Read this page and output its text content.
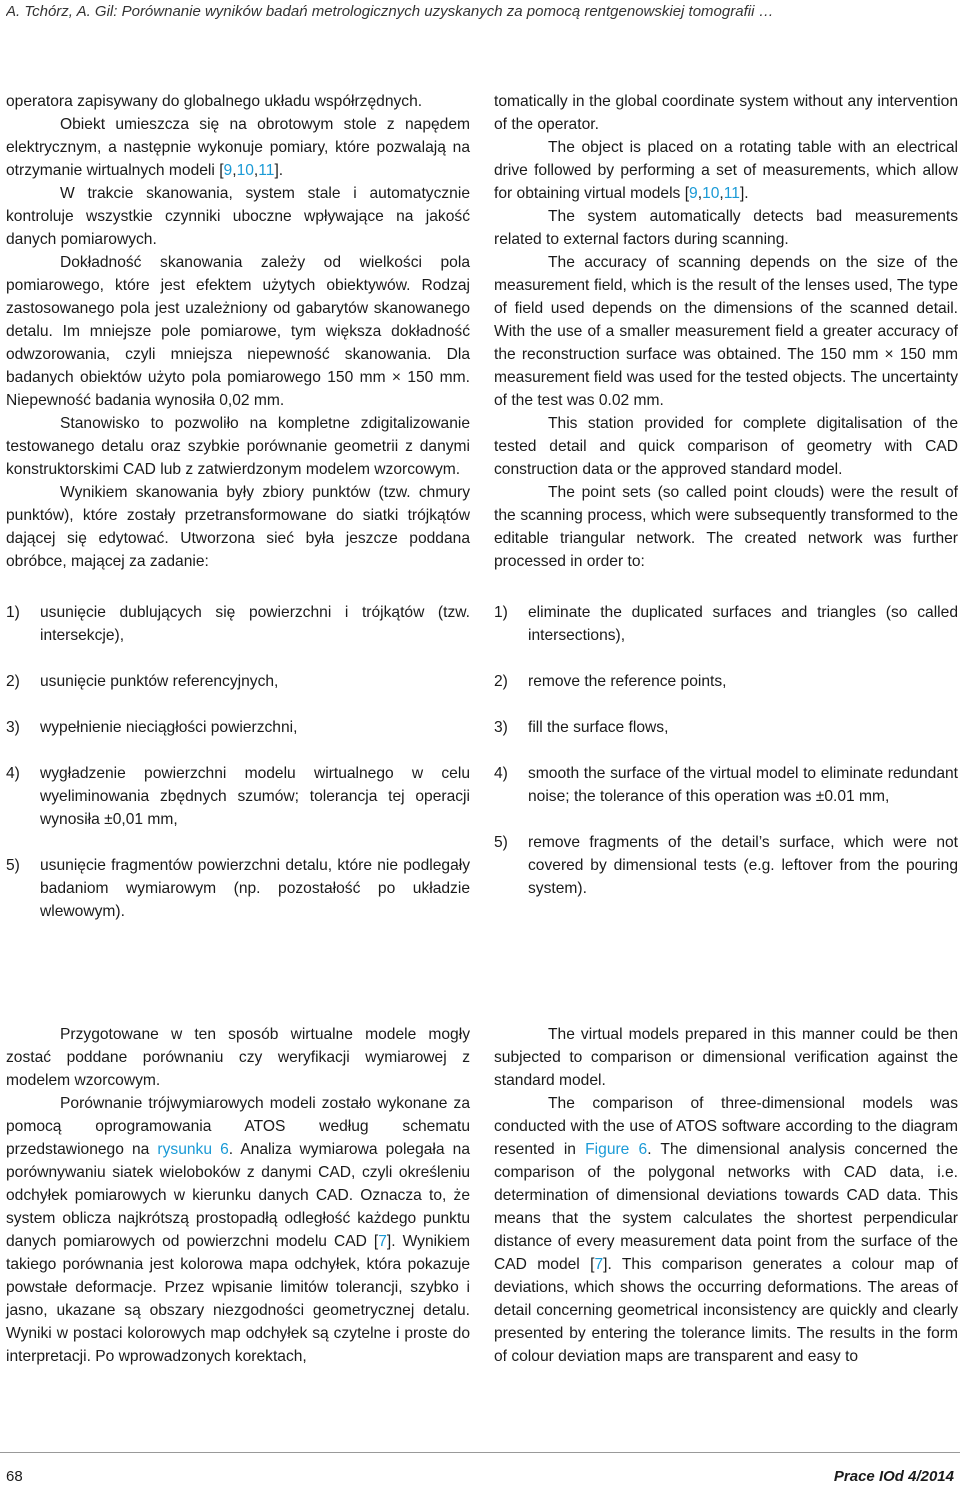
A. Tchórz, A. Gil: Porównanie wyników badań metrologicznych uzyskanych za pomocą rentgenowskiej tomografii …

operatora zapisywany do globalnego układu współrzędnych.

Obiekt umieszcza się na obrotowym stole z napędem elektrycznym, a następnie wykonuje pomiary, które pozwalają na otrzymanie wirtualnych modeli [9,10,11].

W trakcie skanowania, system stale i automatycznie kontroluje wszystkie czynniki uboczne wpływające na jakość danych pomiarowych.

Dokładność skanowania zależy od wielkości pola pomiarowego, które jest efektem użytych obiektywów. Rodzaj zastosowanego pola jest uzależniony od gabarytów skanowanego detalu. Im mniejsze pole pomiarowe, tym większa dokładność odwzorowania, czyli mniejsza niepewność skanowania. Dla badanych obiektów użyto pola pomiarowego 150 mm × 150 mm. Niepewność badania wynosiła 0,02 mm.

Stanowisko to pozwoliło na kompletne zdigitalizowanie testowanego detalu oraz szybkie porównanie geometrii z danymi konstruktorskimi CAD lub z zatwierdzonym modelem wzorcowym.

Wynikiem skanowania były zbiory punktów (tzw. chmury punktów), które zostały przetransformowane do siatki trójkątów dającej się edytować. Utworzona sieć była jeszcze poddana obróbce, mającej za zadanie:

1)	usunięcie dublujących się powierzchni i trójkątów (tzw. intersekcje),
2)	usunięcie punktów referencyjnych,
3)	wypełnienie nieciągłości powierzchni,
4)	wygładzenie powierzchni modelu wirtualnego w celu wyeliminowania zbędnych szumów; tolerancja tej operacji wynosiła ±0,01 mm,
5)	usunięcie fragmentów powierzchni detalu, które nie podlegały badaniom wymiarowym (np. pozostałość po układzie wlewowym).

tomatically in the global coordinate system without any intervention of the operator.

The object is placed on a rotating table with an electrical drive followed by performing a set of measurements, which allow for obtaining virtual models [9,10,11].

The system automatically detects bad measurements related to external factors during scanning.

The accuracy of scanning depends on the size of the measurement field, which is the result of the lenses used, The type of field used depends on the dimensions of the scanned detail. With the use of a smaller measurement field a greater accuracy of the reconstruction surface was obtained. The 150 mm × 150 mm measurement field was used for the tested objects. The uncertainty of the test was 0.02 mm.

This station provided for complete digitalisation of the tested detail and quick comparison of geometry with CAD construction data or the approved standard model.

The point sets (so called point clouds) were the result of the scanning process, which were subsequently transformed to the editable triangular network. The created network was further processed in order to:

1)	eliminate the duplicated surfaces and triangles (so called intersections),
2)	remove the reference points,
3)	fill the surface flows,
4)	smooth the surface of the virtual model to eliminate redundant noise; the tolerance of this operation was ±0.01 mm,
5)	remove fragments of the detail’s surface, which were not covered by dimensional tests (e.g. leftover from the pouring system).

Przygotowane w ten sposób wirtualne modele mogły zostać poddane porównaniu czy weryfikacji wymiarowej z modelem wzorcowym.

Porównanie trójwymiarowych modeli zostało wykonane za pomocą oprogramowania ATOS według schematu przedstawionego na rysunku 6. Analiza wymiarowa polegała na porównywaniu siatek wieloboków z danymi CAD, czyli określeniu odchyłek pomiarowych w kierunku danych CAD. Oznacza to, że system oblicza najkrótszą prostopadłą odległość każdego punktu danych pomiarowych od powierzchni modelu CAD [7]. Wynikiem takiego porównania jest kolorowa mapa odchyłek, która pokazuje powstałe deformacje. Przez wpisanie limitów tolerancji, szybko i jasno, ukazane są obszary niezgodności geometrycznej detalu. Wyniki w postaci kolorowych map odchyłek są czytelne i proste do interpretacji. Po wprowadzonych korektach,

The virtual models prepared in this manner could be then subjected to comparison or dimensional verification against the standard model.

The comparison of three-dimensional models was conducted with the use of ATOS software according to the diagram resented in Figure 6. The dimensional analysis concerned the comparison of the polygonal networks with CAD data, i.e. determination of dimensional deviations towards CAD data. This means that the system calculates the shortest perpendicular distance of every measurement data point from the surface of the CAD model [7]. This comparison generates a colour map of deviations, which shows the occurring deformations. The areas of detail concerning geometrical inconsistency are quickly and clearly presented by entering the tolerance limits. The results in the form of colour deviation maps are transparent and easy to

68	Prace IOd 4/2014
